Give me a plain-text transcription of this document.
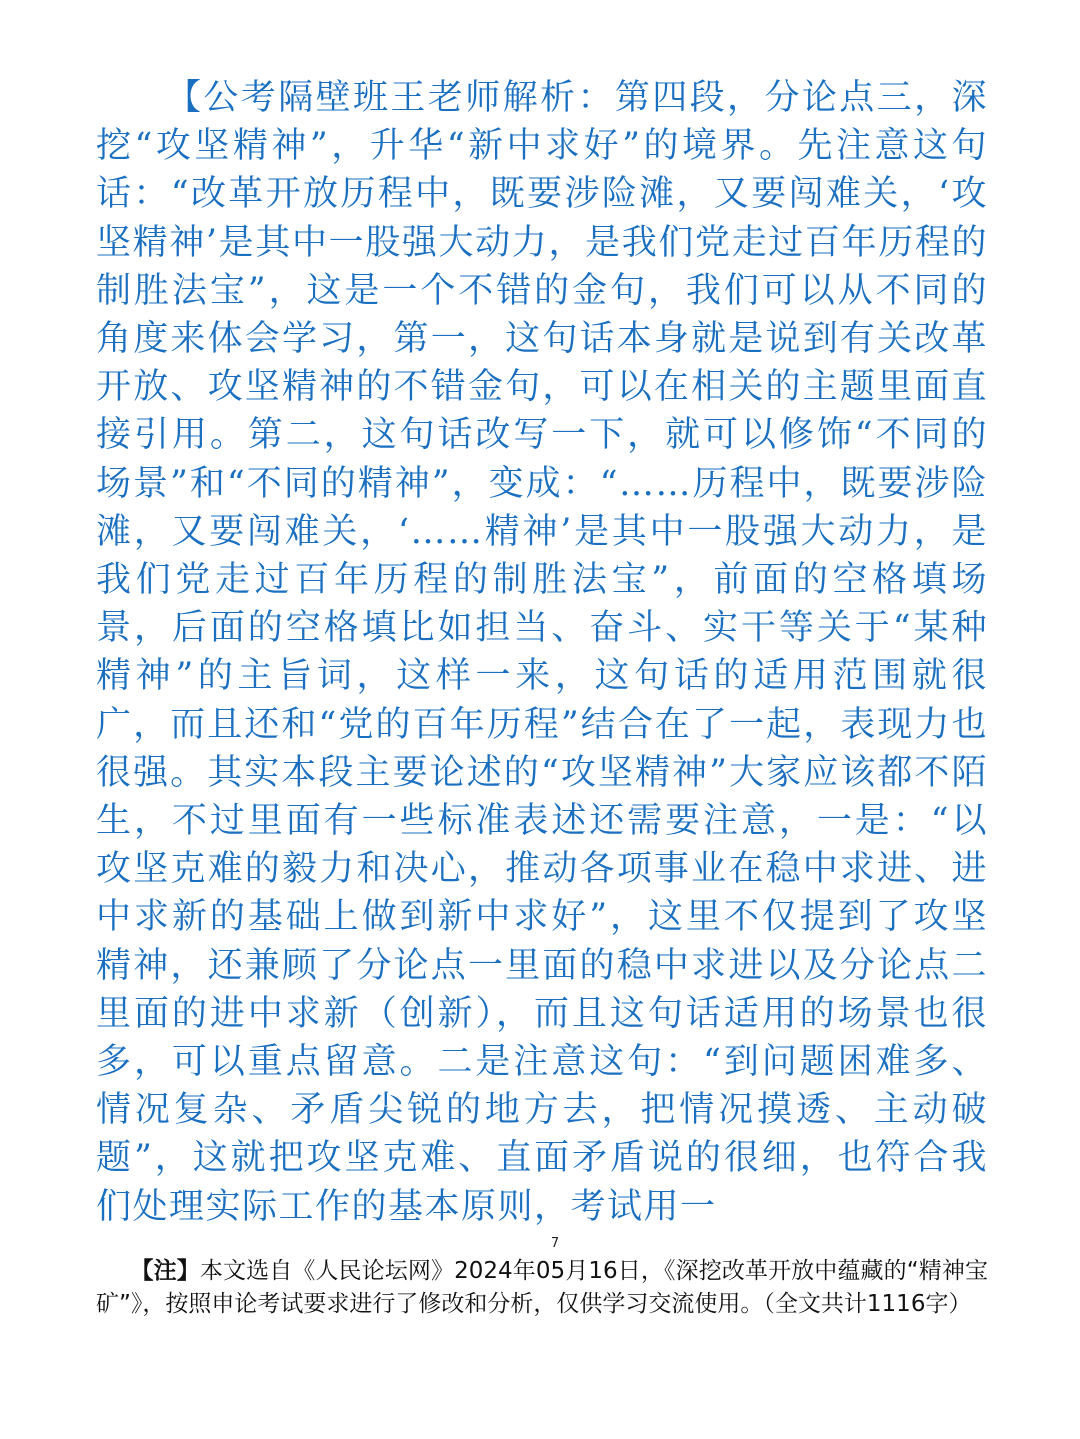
【公考隔壁班王老师解析：第四段，分论点三，深挖“攻坚精神”，升华“新中求好”的境界。先注意这句话：“改革开放历程中，既要涉险滩，又要闯难关，‘攻坚精神’是其中一股强大动力，是我们党走过百年历程的制胜法宝”，这是一个不错的金句，我们可以从不同的角度来体会学习，第一，这句话本身就是说到有关改革开放、攻坚精神的不错金句，可以在相关的主题里面直接引用。第二，这句话改写一下，就可以修饰“不同的场景”和“不同的精神”，变成：“……历程中，既要涉险滩，又要闯难关，‘……精神’是其中一股强大动力，是我们党走过百年历程的制胜法宝”，前面的空格填场景，后面的空格填比如担当、奋斗、实干等关于“某种精神”的主旨词，这样一来，这句话的适用范围就很广，而且还和“党的百年历程”结合在了一起，表现力也很强。其实本段主要论述的“攻坚精神”大家应该都不陌生，不过里面有一些标准表述还需要注意，一是：“以攻坚克难的毅力和决心，推动各项事业在稳中求进、进中求新的基础上做到新中求好”，这里不仅提到了攻坚精神，还兼顾了分论点一里面的稳中求进以及分论点二里面的进中求新（创新），而且这句话适用的场景也很多，可以重点留意。二是注意这句：“到问题困难多、情况复杂、矛盾尖锐的地方去，把情况摸透、主动破题”，这就把攻坚克难、直面矛盾说的很细，也符合我们处理实际工作的基本原则，考试用一

7

【注】本文选自《人民论坛网》2024年05月16日，《深挖改革开放中蕴藏的“精神宝矿”》，按照申论考试要求进行了修改和分析，仅供学习交流使用。（全文共计1116字）
